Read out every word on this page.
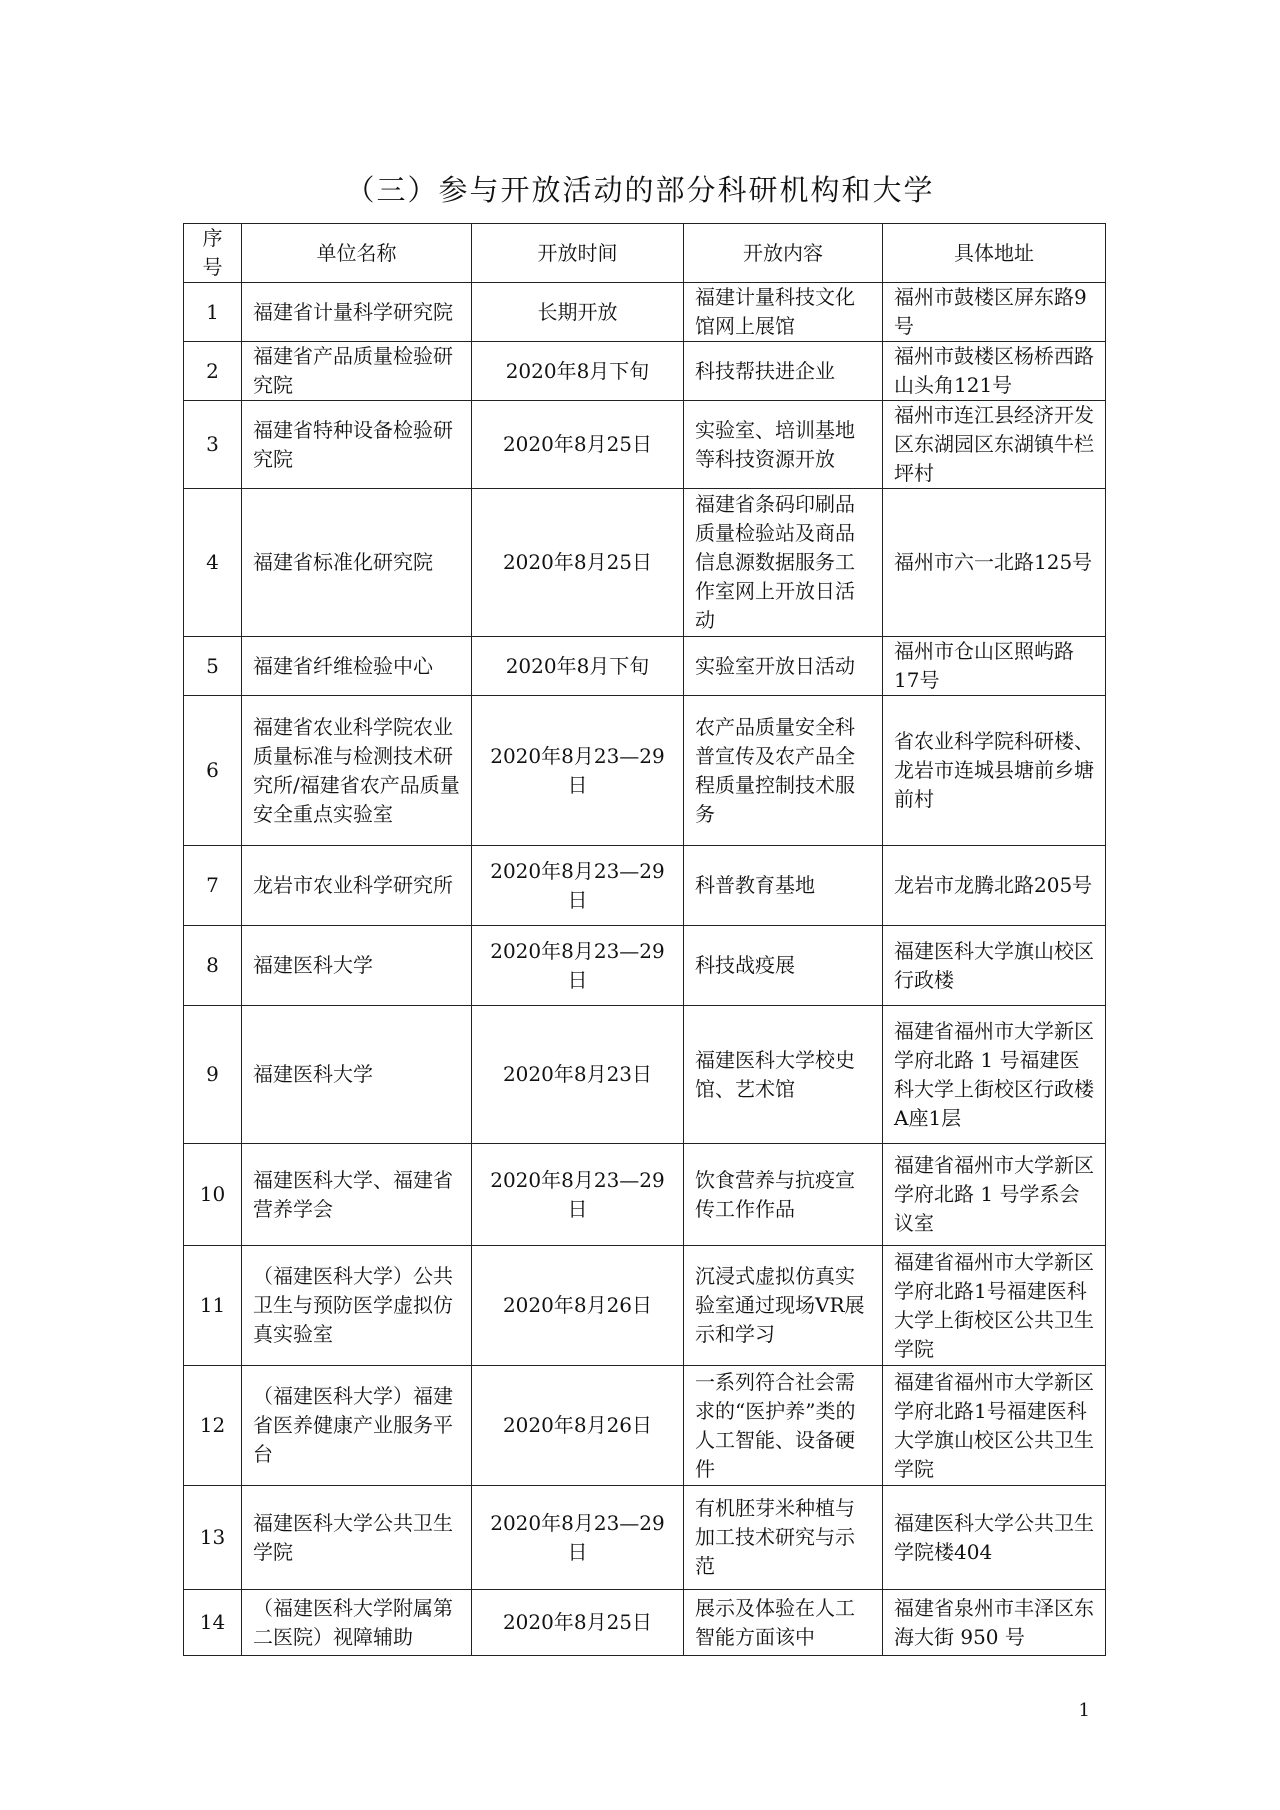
（三）参与开放活动的部分科研机构和大学
序号	单位名称	开放时间	开放内容	具体地址
1	福建省计量科学研究院	长期开放	福建计量科技文化馆网上展馆	福州市鼓楼区屏东路9号
2	福建省产品质量检验研究院	2020年8月下旬	科技帮扶进企业	福州市鼓楼区杨桥西路山头角121号
3	福建省特种设备检验研究院	2020年8月25日	实验室、培训基地等科技资源开放	福州市连江县经济开发区东湖园区东湖镇牛栏坪村
4	福建省标准化研究院	2020年8月25日	福建省条码印刷品质量检验站及商品信息源数据服务工作室网上开放日活动	福州市六一北路125号
5	福建省纤维检验中心	2020年8月下旬	实验室开放日活动	福州市仓山区照屿路17号
6	福建省农业科学院农业质量标准与检测技术研究所/福建省农产品质量安全重点实验室	2020年8月23—29日	农产品质量安全科普宣传及农产品全程质量控制技术服务	省农业科学院科研楼、龙岩市连城县塘前乡塘前村
7	龙岩市农业科学研究所	2020年8月23—29日	科普教育基地	龙岩市龙腾北路205号
8	福建医科大学	2020年8月23—29日	科技战疫展	福建医科大学旗山校区行政楼
9	福建医科大学	2020年8月23日	福建医科大学校史馆、艺术馆	福建省福州市大学新区学府北路 1 号福建医科大学上街校区行政楼A座1层
10	福建医科大学、福建省营养学会	2020年8月23—29日	饮食营养与抗疫宣传工作作品	福建省福州市大学新区学府北路 1 号学系会议室
11	（福建医科大学）公共卫生与预防医学虚拟仿真实验室	2020年8月26日	沉浸式虚拟仿真实验室通过现场VR展示和学习	福建省福州市大学新区学府北路1号福建医科大学上街校区公共卫生学院
12	（福建医科大学）福建省医养健康产业服务平台	2020年8月26日	一系列符合社会需求的“医护养”类的人工智能、设备硬件	福建省福州市大学新区学府北路1号福建医科大学旗山校区公共卫生学院
13	福建医科大学公共卫生学院	2020年8月23—29日	有机胚芽米种植与加工技术研究与示范	福建医科大学公共卫生学院楼404
14	（福建医科大学附属第二医院）视障辅助	2020年8月25日	展示及体验在人工智能方面该中	福建省泉州市丰泽区东海大街 950 号
1
